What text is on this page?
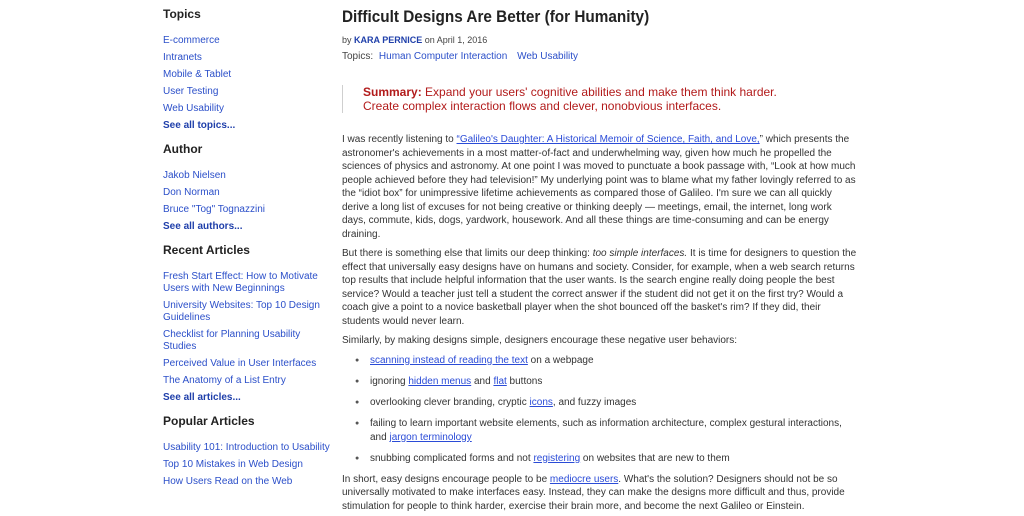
Topics
E-commerce
Intranets
Mobile & Tablet
User Testing
Web Usability
See all topics...
Author
Jakob Nielsen
Don Norman
Bruce "Tog" Tognazzini
See all authors...
Recent Articles
Fresh Start Effect: How to Motivate Users with New Beginnings
University Websites: Top 10 Design Guidelines
Checklist for Planning Usability Studies
Perceived Value in User Interfaces
The Anatomy of a List Entry
See all articles...
Popular Articles
Usability 101: Introduction to Usability
Top 10 Mistakes in Web Design
How Users Read on the Web
Difficult Designs Are Better (for Humanity)
by KARA PERNICE on April 1, 2016
Topics: Human Computer Interaction Web Usability
Summary: Expand your users' cognitive abilities and make them think harder. Create complex interaction flows and clever, nonobvious interfaces.

I was recently listening to “Galileo's Daughter: A Historical Memoir of Science, Faith, and Love,” which presents the astronomer's achievements in a most matter-of-fact and underwhelming way, given how much he propelled the sciences of physics and astronomy. At one point I was moved to punctuate a book passage with, “Look at how much people achieved before they had television!” My underlying point was to blame what my father lovingly referred to as the “idiot box” for unimpressive lifetime achievements as compared those of Galileo. I'm sure we can all quickly derive a long list of excuses for not being creative or thinking deeply — meetings, email, the internet, long work days, commute, kids, dogs, yardwork, housework. And all these things are time-consuming and can be energy draining.

But there is something else that limits our deep thinking: too simple interfaces. It is time for designers to question the effect that universally easy designs have on humans and society. Consider, for example, when a web search returns top results that include helpful information that the user wants. Is the search engine really doing people the best service? Would a teacher just tell a student the correct answer if the student did not get it on the first try? Would a coach give a point to a novice basketball player when the shot bounced off the basket's rim? If they did, their students would never learn.

Similarly, by making designs simple, designers encourage these negative user behaviors:

● scanning instead of reading the text on a webpage
● ignoring hidden menus and flat buttons
● overlooking clever branding, cryptic icons, and fuzzy images
● failing to learn important website elements, such as information architecture, complex gestural interactions, and jargon terminology
● snubbing complicated forms and not registering on websites that are new to them

In short, easy designs encourage people to be mediocre users. What's the solution? Designers should not be so universally motivated to make interfaces easy. Instead, they can make the designs more difficult and thus, provide stimulation for people to think harder, exercise their brain more, and become the next Galileo or Einstein.
